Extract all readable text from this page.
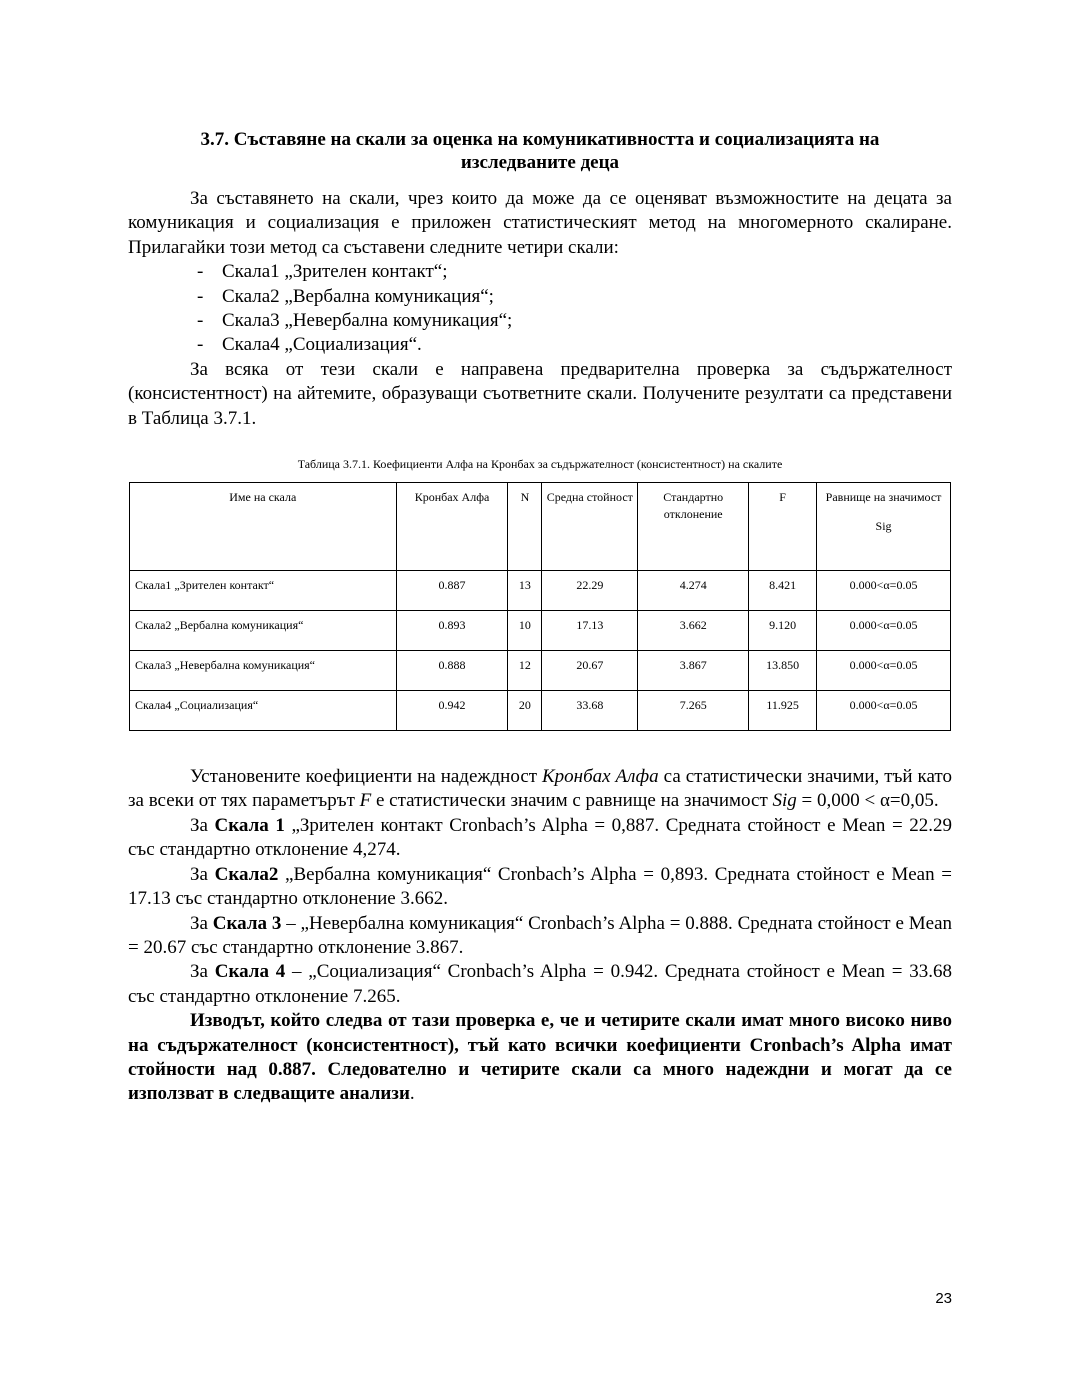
3.7. Съставяне на скали за оценка на комуникативността и социализацията на
изследваните деца

За съставянето на скали, чрез които да може да се оценяват възможностите на децата за комуникация и социализация е приложен статистическият метод на многомерното скалиране. Прилагайки този метод са съставени следните четири скали:

- Скала1 „Зрителен контакт“;
- Скала2 „Вербална комуникация“;
- Скала3 „Невербална комуникация“;
- Скала4 „Социализация“.

За всяка от тези скали е направена предварителна проверка за съдържателност (консистентност) на айтемите, образуващи съответните скали. Получените резултати са представени в Таблица 3.7.1.

Таблица 3.7.1. Коефициенти Алфа на Кронбах за съдържателност (консистентност) на скалите
Име на скала	Кронбах Алфа	N	Средна стойност	Стандартно отклонение	F	Равнище на значимост
Sig
Скала1 „Зрителен контакт“	0.887	13	22.29	4.274	8.421	0.000<α=0.05
Скала2 „Вербална комуникация“	0.893	10	17.13	3.662	9.120	0.000<α=0.05
Скала3 „Невербална комуникация“	0.888	12	20.67	3.867	13.850	0.000<α=0.05
Скала4 „Социализация“	0.942	20	33.68	7.265	11.925	0.000<α=0.05

Установените коефициенти на надеждност Кронбах Алфа са статистически значими, тъй като за всеки от тях параметърът F е статистически значим с равнище на значимост Sig = 0,000 < α=0,05.

За Скала 1 „Зрителен контакт Cronbach’s Alpha = 0,887. Средната стойност е Mean = 22.29 със стандартно отклонение 4,274.

За Скала2 „Вербална комуникация“ Cronbach’s Alpha = 0,893. Средната стойност е Mean = 17.13 със стандартно отклонение 3.662.

За Скала 3 – „Невербална комуникация“ Cronbach’s Alpha = 0.888. Средната стойност е Mean = 20.67 със стандартно отклонение 3.867.

За Скала 4 – „Социализация“ Cronbach’s Alpha = 0.942. Средната стойност е Mean = 33.68 със стандартно отклонение 7.265.

Изводът, който следва от тази проверка е, че и четирите скали имат много високо ниво на съдържателност (консистентност), тъй като всички коефициенти Cronbach’s Alpha имат стойности над 0.887. Следователно и четирите скали са много надеждни и могат да се използват в следващите анализи.

23
